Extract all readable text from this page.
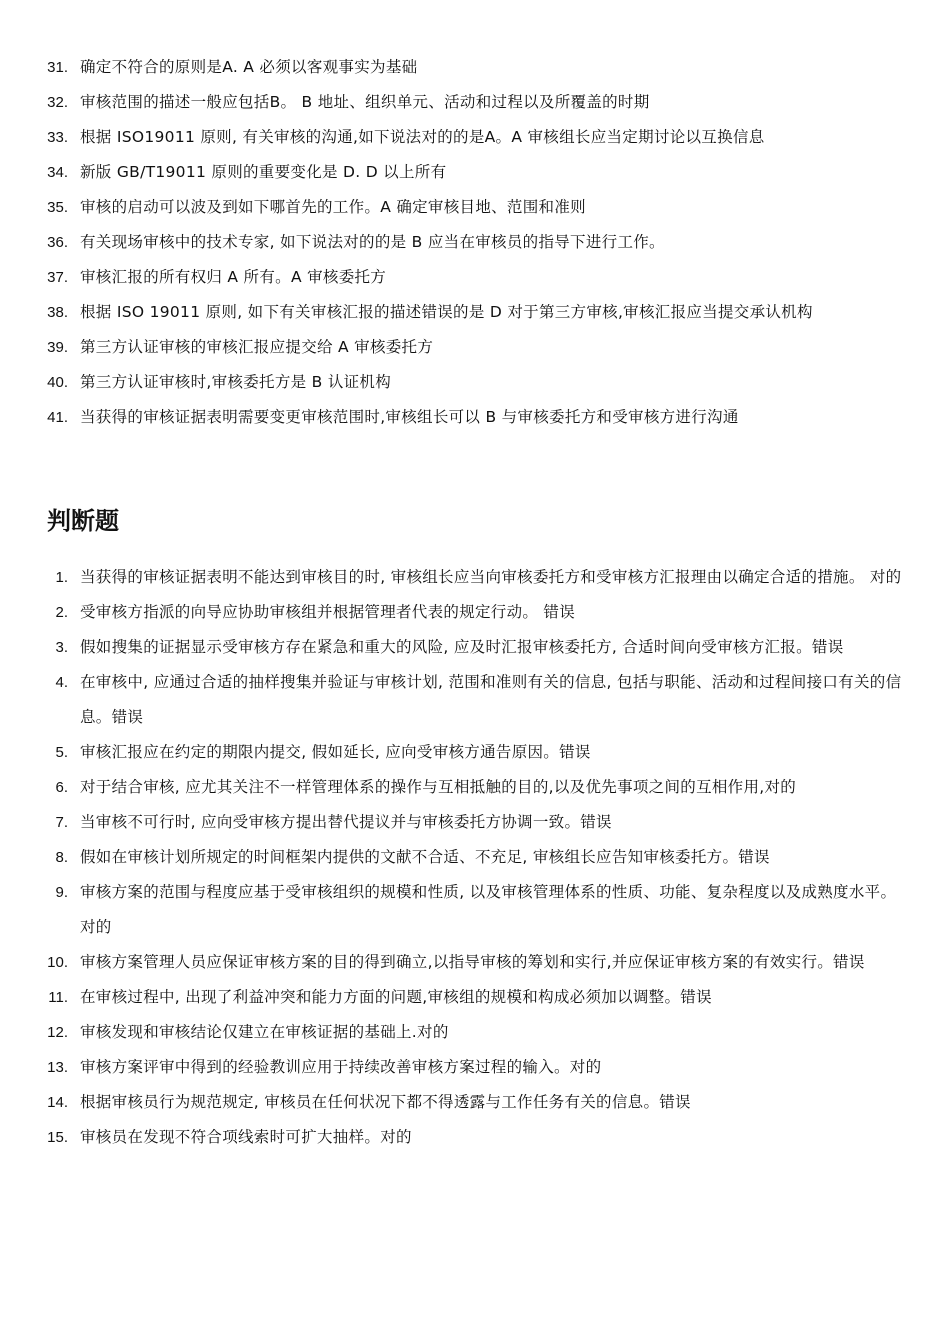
31. 确定不符合的原则是A. A 必须以客观事实为基础
32. 审核范围的描述一般应包括B。 B 地址、组织单元、活动和过程以及所覆盖的时期
33. 根据 ISO19011 原则, 有关审核的沟通,如下说法对的的是A。A 审核组长应当定期讨论以互换信息
34. 新版 GB/T19011 原则的重要变化是 D. D 以上所有
35. 审核的启动可以波及到如下哪首先的工作。A 确定审核目地、范围和准则
36. 有关现场审核中的技术专家, 如下说法对的的是 B 应当在审核员的指导下进行工作。
37. 审核汇报的所有权归 A 所有。A 审核委托方
38. 根据 ISO 19011 原则, 如下有关审核汇报的描述错误的是 D 对于第三方审核,审核汇报应当提交承认机构
39. 第三方认证审核的审核汇报应提交给 A 审核委托方
40. 第三方认证审核时,审核委托方是 B 认证机构
41. 当获得的审核证据表明需要变更审核范围时,审核组长可以 B 与审核委托方和受审核方进行沟通
判断题
1. 当获得的审核证据表明不能达到审核目的时, 审核组长应当向审核委托方和受审核方汇报理由以确定合适的措施。 对的
2. 受审核方指派的向导应协助审核组并根据管理者代表的规定行动。 错误
3. 假如搜集的证据显示受审核方存在紧急和重大的风险, 应及时汇报审核委托方, 合适时间向受审核方汇报。错误
4. 在审核中, 应通过合适的抽样搜集并验证与审核计划, 范围和准则有关的信息, 包括与职能、活动和过程间接口有关的信息。错误
5. 审核汇报应在约定的期限内提交, 假如延长, 应向受审核方通告原因。错误
6. 对于结合审核, 应尤其关注不一样管理体系的操作与互相抵触的目的,以及优先事项之间的互相作用,对的
7. 当审核不可行时, 应向受审核方提出替代提议并与审核委托方协调一致。错误
8. 假如在审核计划所规定的时间框架内提供的文献不合适、不充足, 审核组长应告知审核委托方。错误
9. 审核方案的范围与程度应基于受审核组织的规模和性质, 以及审核管理体系的性质、功能、复杂程度以及成熟度水平。 对的
10. 审核方案管理人员应保证审核方案的目的得到确立,以指导审核的筹划和实行,并应保证审核方案的有效实行。错误
11. 在审核过程中, 出现了利益冲突和能力方面的问题,审核组的规模和构成必须加以调整。错误
12. 审核发现和审核结论仅建立在审核证据的基础上.对的
13. 审核方案评审中得到的经验教训应用于持续改善审核方案过程的输入。对的
14. 根据审核员行为规范规定, 审核员在任何状况下都不得透露与工作任务有关的信息。错误
15. 审核员在发现不符合项线索时可扩大抽样。对的
